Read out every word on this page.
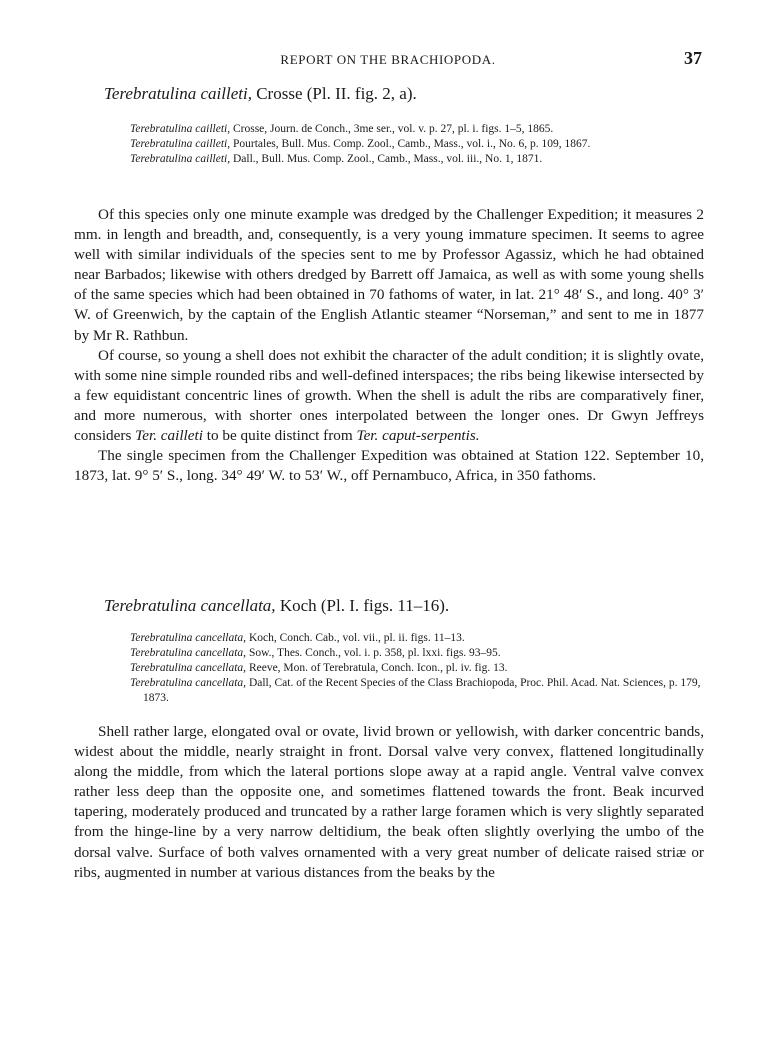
REPORT ON THE BRACHIOPODA.	37
Terebratulina cailleti, Crosse (Pl. II. fig. 2, a).

Terebratulina cailleti, Crosse, Journ. de Conch., 3me ser., vol. v. p. 27, pl. i. figs. 1–5, 1865.

Terebratulina cailleti, Pourtales, Bull. Mus. Comp. Zool., Camb., Mass., vol. i., No. 6, p. 109, 1867.

Terebratulina cailleti, Dall., Bull. Mus. Comp. Zool., Camb., Mass., vol. iii., No. 1, 1871.

Of this species only one minute example was dredged by the Challenger Expedition; it measures 2 mm. in length and breadth, and, consequently, is a very young immature specimen. It seems to agree well with similar individuals of the species sent to me by Professor Agassiz, which he had obtained near Barbados; likewise with others dredged by Barrett off Jamaica, as well as with some young shells of the same species which had been obtained in 70 fathoms of water, in lat. 21° 48′ S., and long. 40° 3′ W. of Greenwich, by the captain of the English Atlantic steamer “Norseman,” and sent to me in 1877 by Mr R. Rathbun.

Of course, so young a shell does not exhibit the character of the adult condition; it is slightly ovate, with some nine simple rounded ribs and well-defined interspaces; the ribs being likewise intersected by a few equidistant concentric lines of growth. When the shell is adult the ribs are comparatively finer, and more numerous, with shorter ones interpolated between the longer ones. Dr Gwyn Jeffreys considers Ter. cailleti to be quite distinct from Ter. caput-serpentis.

The single specimen from the Challenger Expedition was obtained at Station 122. September 10, 1873, lat. 9° 5′ S., long. 34° 49′ W. to 53′ W., off Pernambuco, Africa, in 350 fathoms.

Terebratulina cancellata, Koch (Pl. I. figs. 11–16).

Terebratulina cancellata, Koch, Conch. Cab., vol. vii., pl. ii. figs. 11–13.

Terebratulina cancellata, Sow., Thes. Conch., vol. i. p. 358, pl. lxxi. figs. 93–95.

Terebratulina cancellata, Reeve, Mon. of Terebratula, Conch. Icon., pl. iv. fig. 13.

Terebratulina cancellata, Dall, Cat. of the Recent Species of the Class Brachiopoda, Proc. Phil. Acad. Nat. Sciences, p. 179, 1873.

Shell rather large, elongated oval or ovate, livid brown or yellowish, with darker concentric bands, widest about the middle, nearly straight in front. Dorsal valve very convex, flattened longitudinally along the middle, from which the lateral portions slope away at a rapid angle. Ventral valve convex rather less deep than the opposite one, and sometimes flattened towards the front. Beak incurved tapering, moderately produced and truncated by a rather large foramen which is very slightly separated from the hinge-line by a very narrow deltidium, the beak often slightly overlying the umbo of the dorsal valve. Surface of both valves ornamented with a very great number of delicate raised striæ or ribs, augmented in number at various distances from the beaks by the
